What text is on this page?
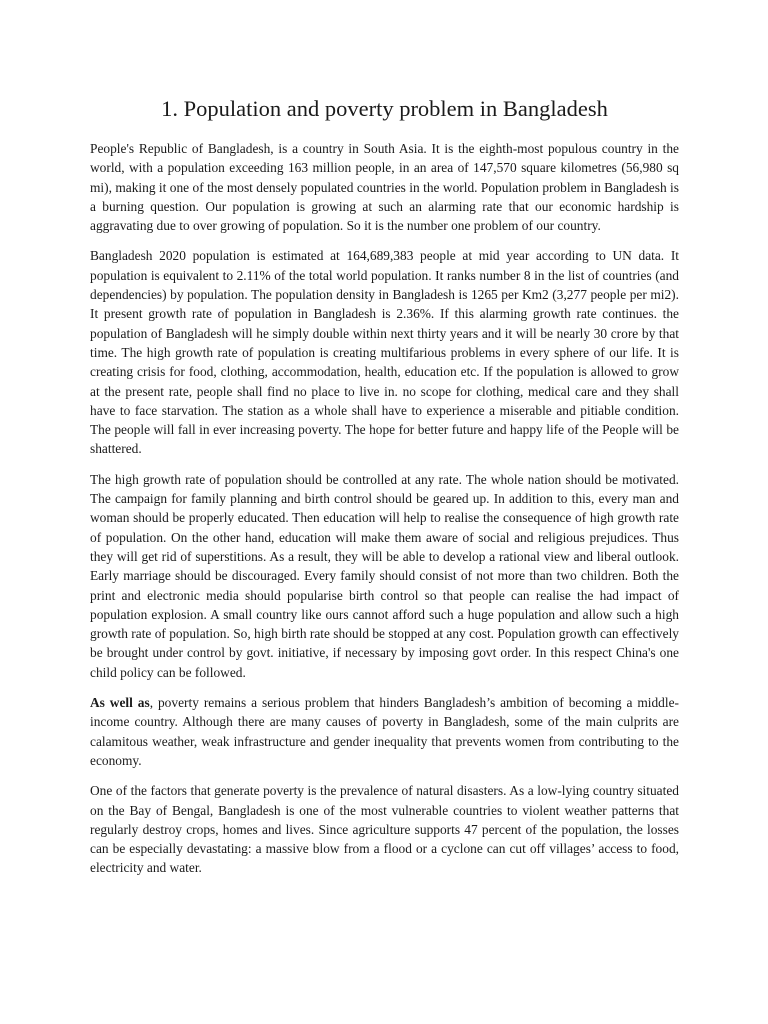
1. Population and poverty problem in Bangladesh

People's Republic of Bangladesh, is a country in South Asia. It is the eighth-most populous country in the world, with a population exceeding 163 million people, in an area of 147,570 square kilometres (56,980 sq mi), making it one of the most densely populated countries in the world. Population problem in Bangladesh is a burning question. Our population is growing at such an alarming rate that our economic hardship is aggravating due to over growing of population. So it is the number one problem of our country.

Bangladesh 2020 population is estimated at 164,689,383 people at mid year according to UN data. It population is equivalent to 2.11% of the total world population. It ranks number 8 in the list of countries (and dependencies) by population. The population density in Bangladesh is 1265 per Km2 (3,277 people per mi2). It present growth rate of population in Bangladesh is 2.36%. If this alarming growth rate continues. the population of Bangladesh will he simply double within next thirty years and it will be nearly 30 crore by that time. The high growth rate of population is creating multifarious problems in every sphere of our life. It is creating crisis for food, clothing, accommodation, health, education etc. If the population is allowed to grow at the present rate, people shall find no place to live in. no scope for clothing, medical care and they shall have to face starvation. The station as a whole shall have to experience a miserable and pitiable condition. The people will fall in ever increasing poverty. The hope for better future and happy life of the People will be shattered.

The high growth rate of population should be controlled at any rate. The whole nation should be motivated. The campaign for family planning and birth control should be geared up. In addition to this, every man and woman should be properly educated. Then education will help to realise the consequence of high growth rate of population. On the other hand, education will make them aware of social and religious prejudices. Thus they will get rid of superstitions. As a result, they will be able to develop a rational view and liberal outlook. Early marriage should be discouraged. Every family should consist of not more than two children. Both the print and electronic media should popularise birth control so that people can realise the had impact of population explosion. A small country like ours cannot afford such a huge population and allow such a high growth rate of population. So, high birth rate should be stopped at any cost. Population growth can effectively be brought under control by govt. initiative, if necessary by imposing govt order. In this respect China's one child policy can be followed.

As well as, poverty remains a serious problem that hinders Bangladesh’s ambition of becoming a middle-income country. Although there are many causes of poverty in Bangladesh, some of the main culprits are calamitous weather, weak infrastructure and gender inequality that prevents women from contributing to the economy.

One of the factors that generate poverty is the prevalence of natural disasters. As a low-lying country situated on the Bay of Bengal, Bangladesh is one of the most vulnerable countries to violent weather patterns that regularly destroy crops, homes and lives. Since agriculture supports 47 percent of the population, the losses can be especially devastating: a massive blow from a flood or a cyclone can cut off villages’ access to food, electricity and water.
